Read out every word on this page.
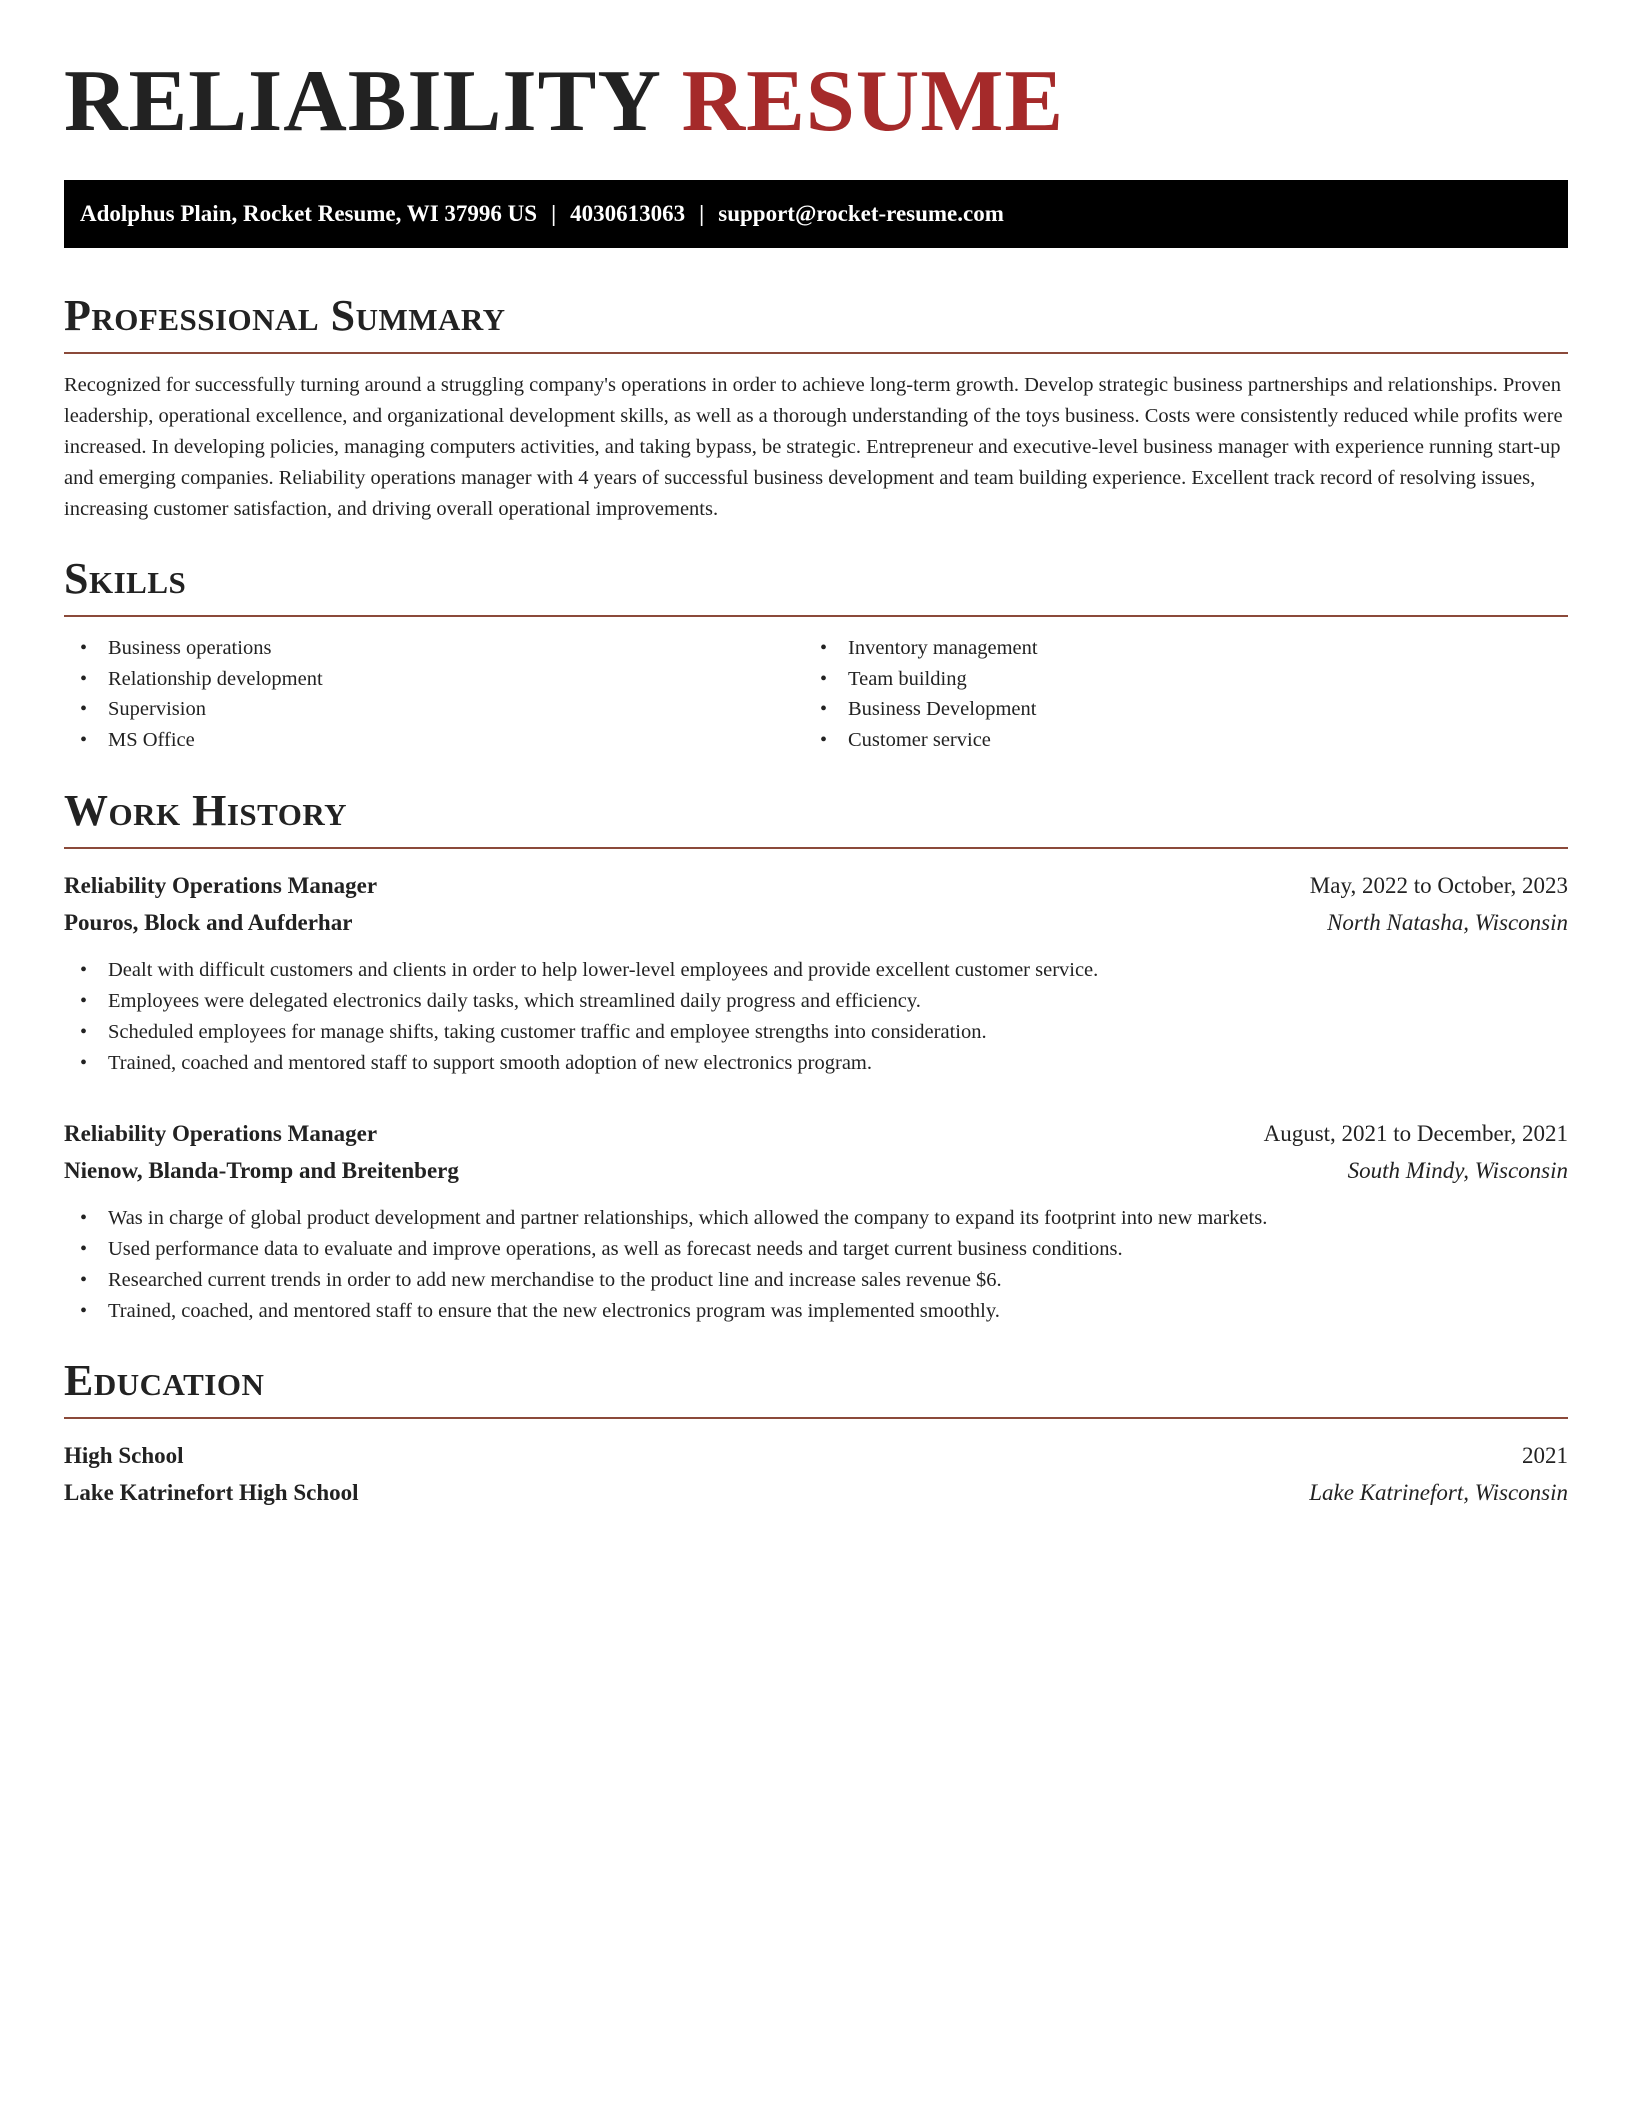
RELIABILITY RESUME
Adolphus Plain, Rocket Resume, WI 37996 US | 4030613063 | support@rocket-resume.com
Professional Summary

Recognized for successfully turning around a struggling company's operations in order to achieve long-term growth. Develop strategic business partnerships and relationships. Proven leadership, operational excellence, and organizational development skills, as well as a thorough understanding of the toys business. Costs were consistently reduced while profits were increased. In developing policies, managing computers activities, and taking bypass, be strategic. Entrepreneur and executive-level business manager with experience running start-up and emerging companies. Reliability operations manager with 4 years of successful business development and team building experience. Excellent track record of resolving issues, increasing customer satisfaction, and driving overall operational improvements.

Skills
• Business operations
• Relationship development
• Supervision
• MS Office
• Inventory management
• Team building
• Business Development
• Customer service
Work History
Reliability Operations Manager	May, 2022 to October, 2023
Pouros, Block and Aufderhar	North Natasha, Wisconsin
• Dealt with difficult customers and clients in order to help lower-level employees and provide excellent customer service.
• Employees were delegated electronics daily tasks, which streamlined daily progress and efficiency.
• Scheduled employees for manage shifts, taking customer traffic and employee strengths into consideration.
• Trained, coached and mentored staff to support smooth adoption of new electronics program.
Reliability Operations Manager	August, 2021 to December, 2021
Nienow, Blanda-Tromp and Breitenberg	South Mindy, Wisconsin
• Was in charge of global product development and partner relationships, which allowed the company to expand its footprint into new markets.
• Used performance data to evaluate and improve operations, as well as forecast needs and target current business conditions.
• Researched current trends in order to add new merchandise to the product line and increase sales revenue $6.
• Trained, coached, and mentored staff to ensure that the new electronics program was implemented smoothly.
Education
High School	2021
Lake Katrinefort High School	Lake Katrinefort, Wisconsin
